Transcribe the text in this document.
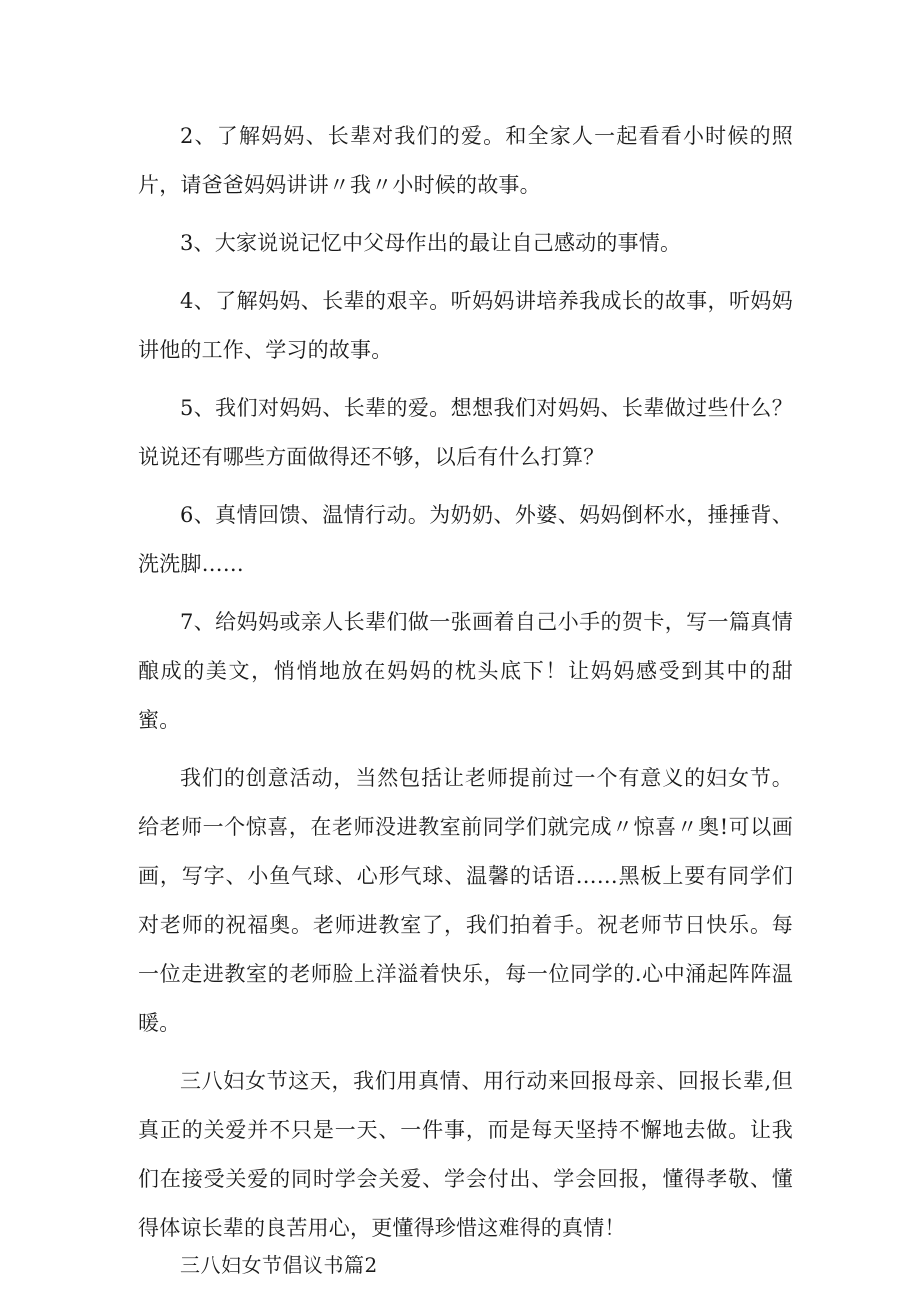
2、了解妈妈、长辈对我们的爱。和全家人一起看看小时候的照片，请爸爸妈妈讲讲〃我〃小时候的故事。

3、大家说说记忆中父母作出的最让自己感动的事情。

4、了解妈妈、长辈的艰辛。听妈妈讲培养我成长的故事，听妈妈讲他的工作、学习的故事。

5、我们对妈妈、长辈的爱。想想我们对妈妈、长辈做过些什么？说说还有哪些方面做得还不够，以后有什么打算？

6、真情回馈、温情行动。为奶奶、外婆、妈妈倒杯水，捶捶背、洗洗脚……

7、给妈妈或亲人长辈们做一张画着自己小手的贺卡，写一篇真情酿成的美文，悄悄地放在妈妈的枕头底下！让妈妈感受到其中的甜蜜。

我们的创意活动，当然包括让老师提前过一个有意义的妇女节。给老师一个惊喜，在老师没进教室前同学们就完成〃惊喜〃奥!可以画画，写字、小鱼气球、心形气球、温馨的话语……黑板上要有同学们对老师的祝福奥。老师进教室了，我们拍着手。祝老师节日快乐。每一位走进教室的老师脸上洋溢着快乐，每一位同学的.心中涌起阵阵温暖。

三八妇女节这天，我们用真情、用行动来回报母亲、回报长辈,但真正的关爱并不只是一天、一件事，而是每天坚持不懈地去做。让我们在接受关爱的同时学会关爱、学会付出、学会回报，懂得孝敬、懂得体谅长辈的良苦用心，更懂得珍惜这难得的真情！

三八妇女节倡议书篇2
